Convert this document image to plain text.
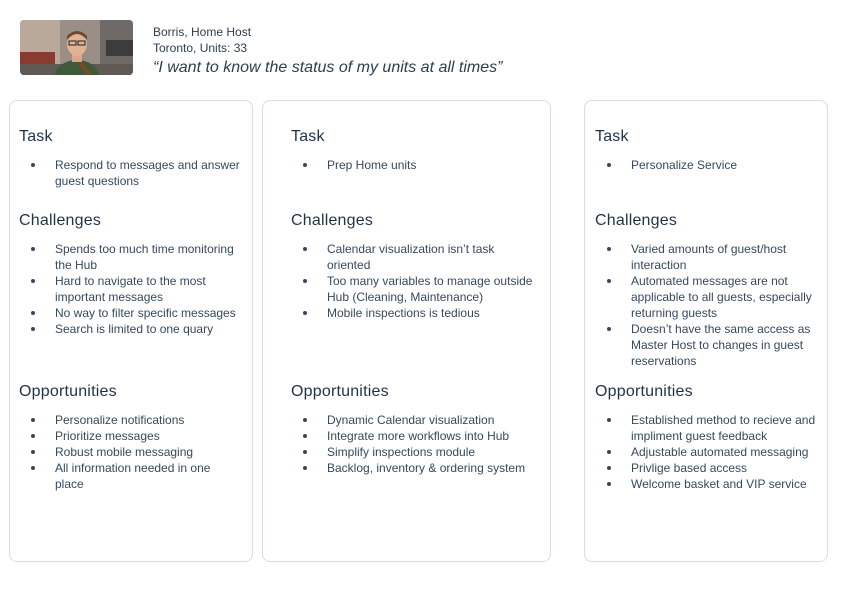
Borris, Home Host
Toronto, Units: 33
“I want to know the status of my units at all times”
Task
Respond to messages and answer guest questions
Challenges
Spends too much time monitoring the Hub
Hard to navigate to the most important messages
No way to filter specific messages
Search is limited to one quary
Opportunities
Personalize notifications
Prioritize messages
Robust mobile messaging
All information needed in one place
Task
Prep Home units
Challenges
Calendar visualization isn’t task oriented
Too many variables to manage outside Hub (Cleaning, Maintenance)
Mobile inspections is tedious
Opportunities
Dynamic Calendar visualization
Integrate more workflows into Hub
Simplify inspections module
Backlog, inventory & ordering system
Task
Personalize Service
Challenges
Varied amounts of guest/host interaction
Automated messages are not applicable to all guests, especially returning guests
Doesn’t have the same access as Master Host to changes in guest reservations
Opportunities
Established method to recieve and impliment guest feedback
Adjustable automated messaging
Privlige based access
Welcome basket and VIP service
